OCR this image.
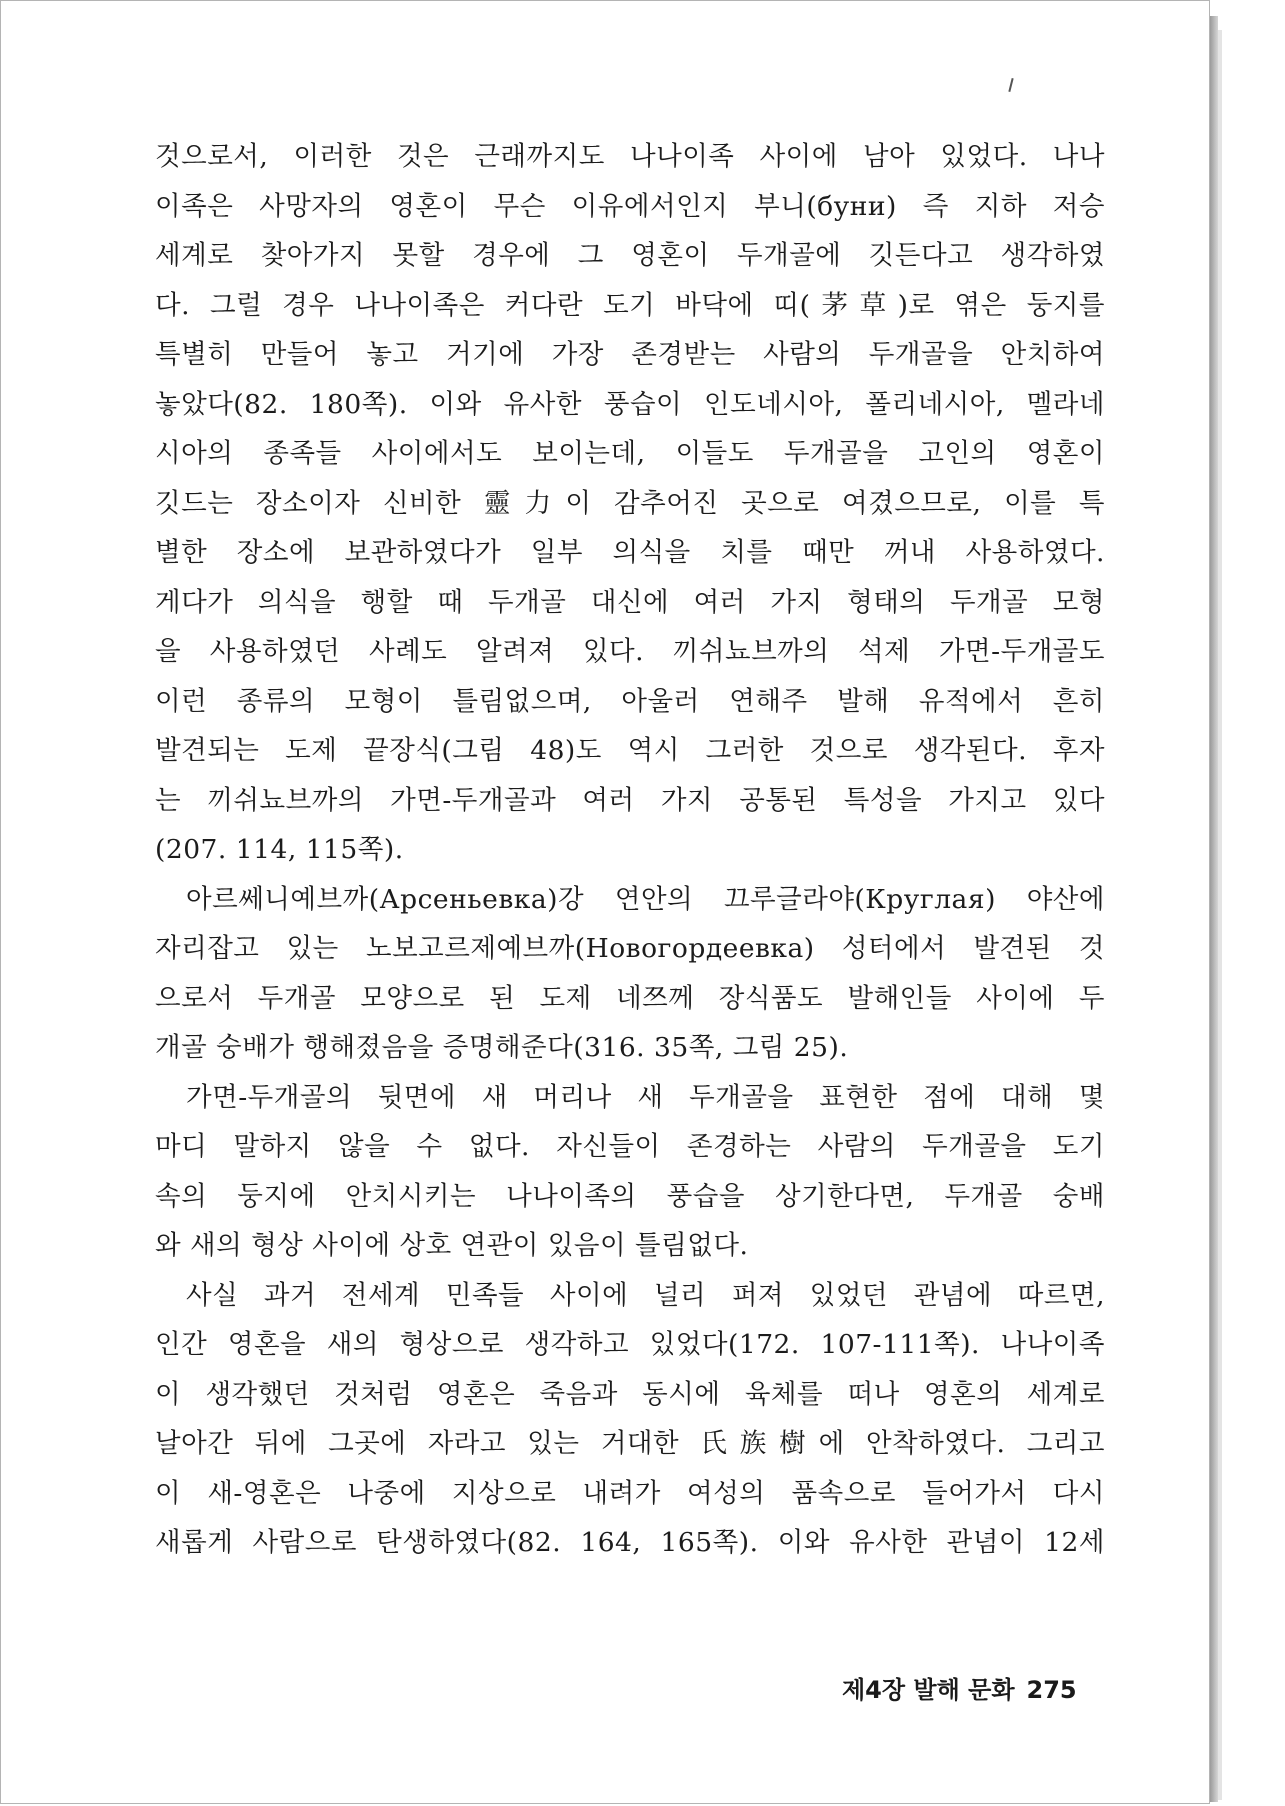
것으로서, 이러한 것은 근래까지도 나나이족 사이에 남아 있었다. 나나
이족은 사망자의 영혼이 무슨 이유에서인지 부니(буни) 즉 지하 저승
세계로 찾아가지 못할 경우에 그 영혼이 두개골에 깃든다고 생각하였
다. 그럴 경우 나나이족은 커다란 도기 바닥에 띠(茅草)로 엮은 둥지를
특별히 만들어 놓고 거기에 가장 존경받는 사람의 두개골을 안치하여
놓았다(82. 180쪽). 이와 유사한 풍습이 인도네시아, 폴리네시아, 멜라네
시아의 종족들 사이에서도 보이는데, 이들도 두개골을 고인의 영혼이
깃드는 장소이자 신비한 靈力이 감추어진 곳으로 여겼으므로, 이를 특
별한 장소에 보관하였다가 일부 의식을 치를 때만 꺼내 사용하였다.
게다가 의식을 행할 때 두개골 대신에 여러 가지 형태의 두개골 모형
을 사용하였던 사례도 알려져 있다. 끼쉬뇨브까의 석제 가면-두개골도
이런 종류의 모형이 틀림없으며, 아울러 연해주 발해 유적에서 흔히
발견되는 도제 끝장식(그림 48)도 역시 그러한 것으로 생각된다. 후자
는 끼쉬뇨브까의 가면-두개골과 여러 가지 공통된 특성을 가지고 있다
(207. 114, 115쪽).
아르쎄니예브까(Арсеньевка)강 연안의 끄루글라야(Круглая) 야산에
자리잡고 있는 노보고르제예브까(Новогордеевка) 성터에서 발견된 것
으로서 두개골 모양으로 된 도제 네쯔께 장식품도 발해인들 사이에 두
개골 숭배가 행해졌음을 증명해준다(316. 35쪽, 그림 25).
가면-두개골의 뒷면에 새 머리나 새 두개골을 표현한 점에 대해 몇
마디 말하지 않을 수 없다. 자신들이 존경하는 사람의 두개골을 도기
속의 둥지에 안치시키는 나나이족의 풍습을 상기한다면, 두개골 숭배
와 새의 형상 사이에 상호 연관이 있음이 틀림없다.
사실 과거 전세계 민족들 사이에 널리 퍼져 있었던 관념에 따르면,
인간 영혼을 새의 형상으로 생각하고 있었다(172. 107-111쪽). 나나이족
이 생각했던 것처럼 영혼은 죽음과 동시에 육체를 떠나 영혼의 세계로
날아간 뒤에 그곳에 자라고 있는 거대한 氏族樹에 안착하였다. 그리고
이 새-영혼은 나중에 지상으로 내려가 여성의 품속으로 들어가서 다시
새롭게 사람으로 탄생하였다(82. 164, 165쪽). 이와 유사한 관념이 12세
제4장 발해 문화 275
